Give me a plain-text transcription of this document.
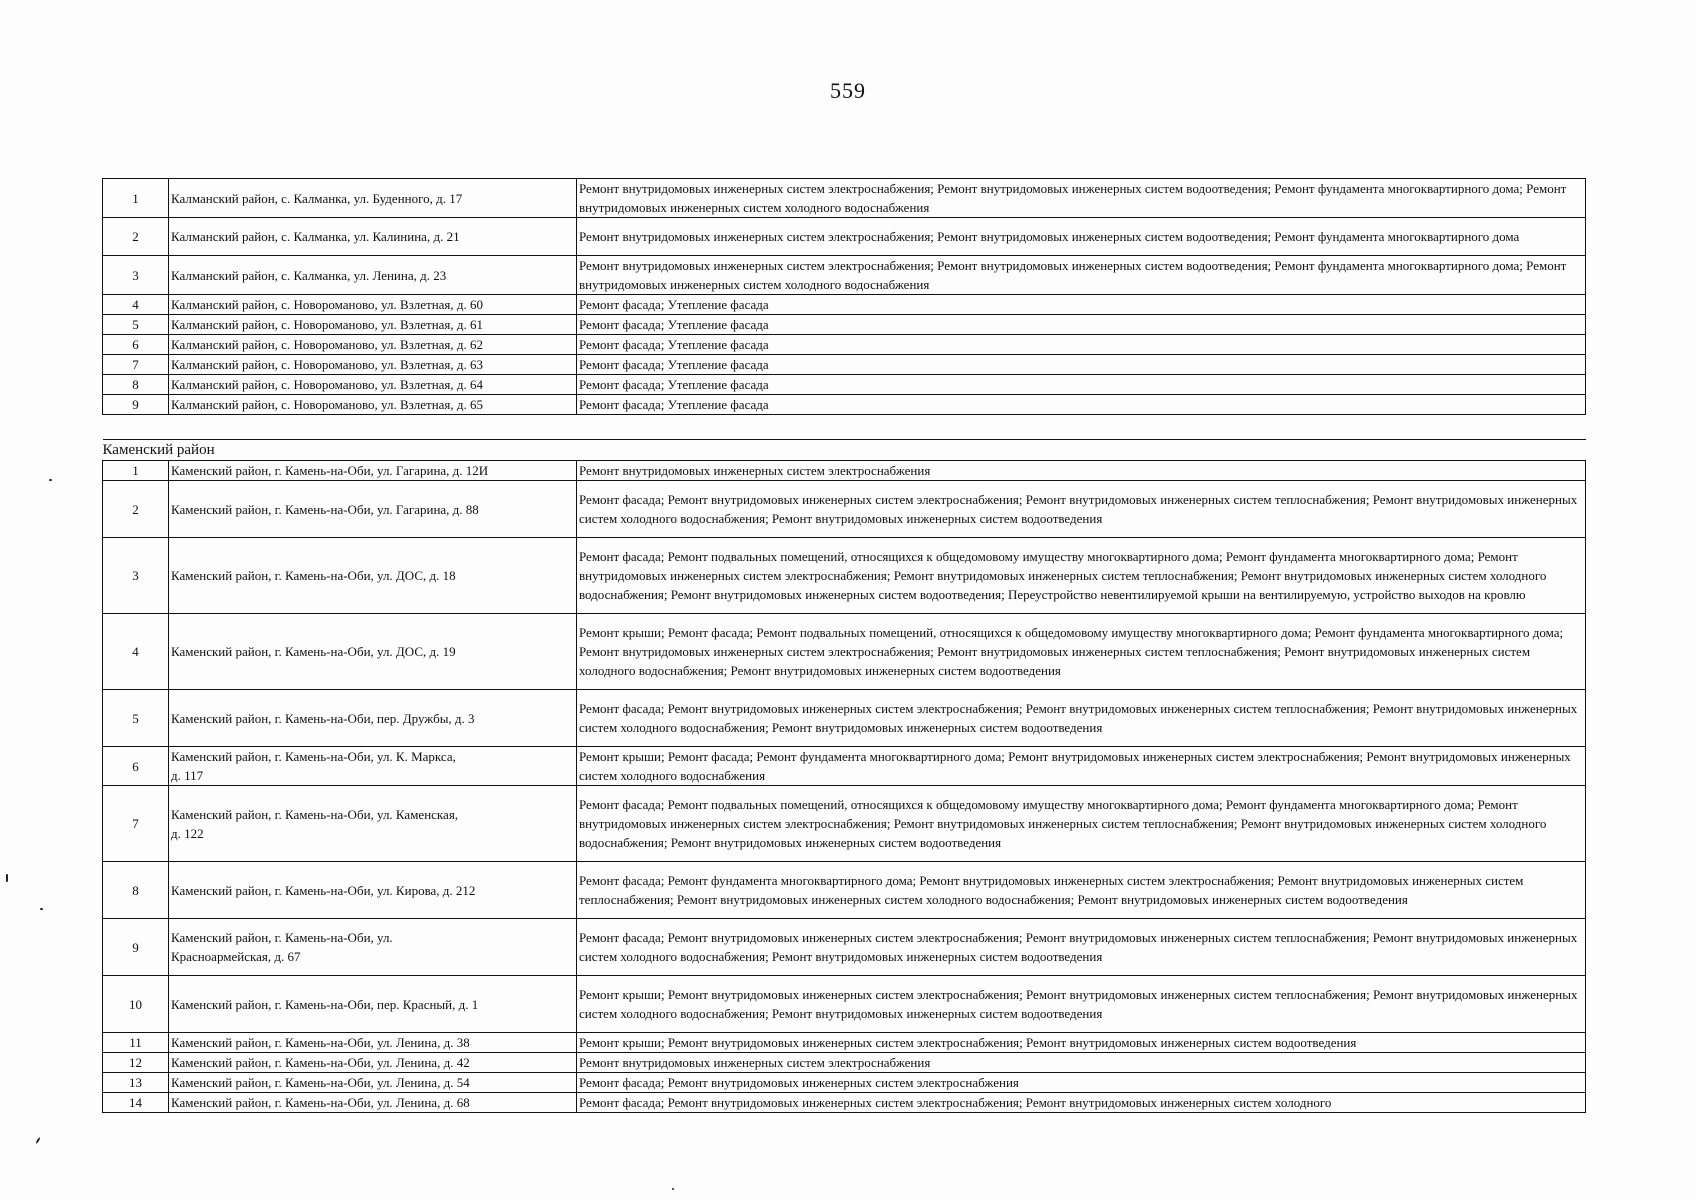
559
1	Калманский район, с. Калманка, ул. Буденного, д. 17	Ремонт внутридомовых инженерных систем электроснабжения; Ремонт внутридомовых инженерных систем водоотведения; Ремонт фундамента многоквартирного дома; Ремонт внутридомовых инженерных систем холодного водоснабжения
2	Калманский район, с. Калманка, ул. Калинина, д. 21	Ремонт внутридомовых инженерных систем электроснабжения; Ремонт внутридомовых инженерных систем водоотведения; Ремонт фундамента многоквартирного дома
3	Калманский район, с. Калманка, ул. Ленина, д. 23	Ремонт внутридомовых инженерных систем электроснабжения; Ремонт внутридомовых инженерных систем водоотведения; Ремонт фундамента многоквартирного дома; Ремонт внутридомовых инженерных систем холодного водоснабжения
4	Калманский район, с. Новороманово, ул. Взлетная, д. 60	Ремонт фасада; Утепление фасада
5	Калманский район, с. Новороманово, ул. Взлетная, д. 61	Ремонт фасада; Утепление фасада
6	Калманский район, с. Новороманово, ул. Взлетная, д. 62	Ремонт фасада; Утепление фасада
7	Калманский район, с. Новороманово, ул. Взлетная, д. 63	Ремонт фасада; Утепление фасада
8	Калманский район, с. Новороманово, ул. Взлетная, д. 64	Ремонт фасада; Утепление фасада
9	Калманский район, с. Новороманово, ул. Взлетная, д. 65	Ремонт фасада; Утепление фасада

Каменский район		
1	Каменский район, г. Камень-на-Оби, ул. Гагарина, д. 12И	Ремонт внутридомовых инженерных систем электроснабжения
2	Каменский район, г. Камень-на-Оби, ул. Гагарина, д. 88	Ремонт фасада; Ремонт внутридомовых инженерных систем электроснабжения; Ремонт внутридомовых инженерных систем теплоснабжения; Ремонт внутридомовых инженерных систем холодного водоснабжения; Ремонт внутридомовых инженерных систем водоотведения
3	Каменский район, г. Камень-на-Оби, ул. ДОС, д. 18	Ремонт фасада; Ремонт подвальных помещений, относящихся к общедомовому имуществу многоквартирного дома; Ремонт фундамента многоквартирного дома; Ремонт внутридомовых инженерных систем электроснабжения; Ремонт внутридомовых инженерных систем теплоснабжения; Ремонт внутридомовых инженерных систем холодного водоснабжения; Ремонт внутридомовых инженерных систем водоотведения; Переустройство невентилируемой крыши на вентилируемую, устройство выходов на кровлю
4	Каменский район, г. Камень-на-Оби, ул. ДОС, д. 19	Ремонт крыши; Ремонт фасада; Ремонт подвальных помещений, относящихся к общедомовому имуществу многоквартирного дома; Ремонт фундамента многоквартирного дома; Ремонт внутридомовых инженерных систем электроснабжения; Ремонт внутридомовых инженерных систем теплоснабжения; Ремонт внутридомовых инженерных систем холодного водоснабжения; Ремонт внутридомовых инженерных систем водоотведения
5	Каменский район, г. Камень-на-Оби, пер. Дружбы, д. 3	Ремонт фасада; Ремонт внутридомовых инженерных систем электроснабжения; Ремонт внутридомовых инженерных систем теплоснабжения; Ремонт внутридомовых инженерных систем холодного водоснабжения; Ремонт внутридомовых инженерных систем водоотведения
6	Каменский район, г. Камень-на-Оби, ул. К. Маркса, д. 117	Ремонт крыши; Ремонт фасада; Ремонт фундамента многоквартирного дома; Ремонт внутридомовых инженерных систем электроснабжения; Ремонт внутридомовых инженерных систем холодного водоснабжения
7	Каменский район, г. Камень-на-Оби, ул. Каменская, д. 122	Ремонт фасада; Ремонт подвальных помещений, относящихся к общедомовому имуществу многоквартирного дома; Ремонт фундамента многоквартирного дома; Ремонт внутридомовых инженерных систем электроснабжения; Ремонт внутридомовых инженерных систем теплоснабжения; Ремонт внутридомовых инженерных систем холодного водоснабжения; Ремонт внутридомовых инженерных систем водоотведения
8	Каменский район, г. Камень-на-Оби, ул. Кирова, д. 212	Ремонт фасада; Ремонт фундамента многоквартирного дома; Ремонт внутридомовых инженерных систем электроснабжения; Ремонт внутридомовых инженерных систем теплоснабжения; Ремонт внутридомовых инженерных систем холодного водоснабжения; Ремонт внутридомовых инженерных систем водоотведения
9	Каменский район, г. Камень-на-Оби, ул. Красноармейская, д. 67	Ремонт фасада; Ремонт внутридомовых инженерных систем электроснабжения; Ремонт внутридомовых инженерных систем теплоснабжения; Ремонт внутридомовых инженерных систем холодного водоснабжения; Ремонт внутридомовых инженерных систем водоотведения
10	Каменский район, г. Камень-на-Оби, пер. Красный, д. 1	Ремонт крыши; Ремонт внутридомовых инженерных систем электроснабжения; Ремонт внутридомовых инженерных систем теплоснабжения; Ремонт внутридомовых инженерных систем холодного водоснабжения; Ремонт внутридомовых инженерных систем водоотведения
11	Каменский район, г. Камень-на-Оби, ул. Ленина, д. 38	Ремонт крыши; Ремонт внутридомовых инженерных систем электроснабжения; Ремонт внутридомовых инженерных систем водоотведения
12	Каменский район, г. Камень-на-Оби, ул. Ленина, д. 42	Ремонт внутридомовых инженерных систем электроснабжения
13	Каменский район, г. Камень-на-Оби, ул. Ленина, д. 54	Ремонт фасада; Ремонт внутридомовых инженерных систем электроснабжения
14	Каменский район, г. Камень-на-Оби, ул. Ленина, д. 68	Ремонт фасада; Ремонт внутридомовых инженерных систем электроснабжения; Ремонт внутридомовых инженерных систем холодного
